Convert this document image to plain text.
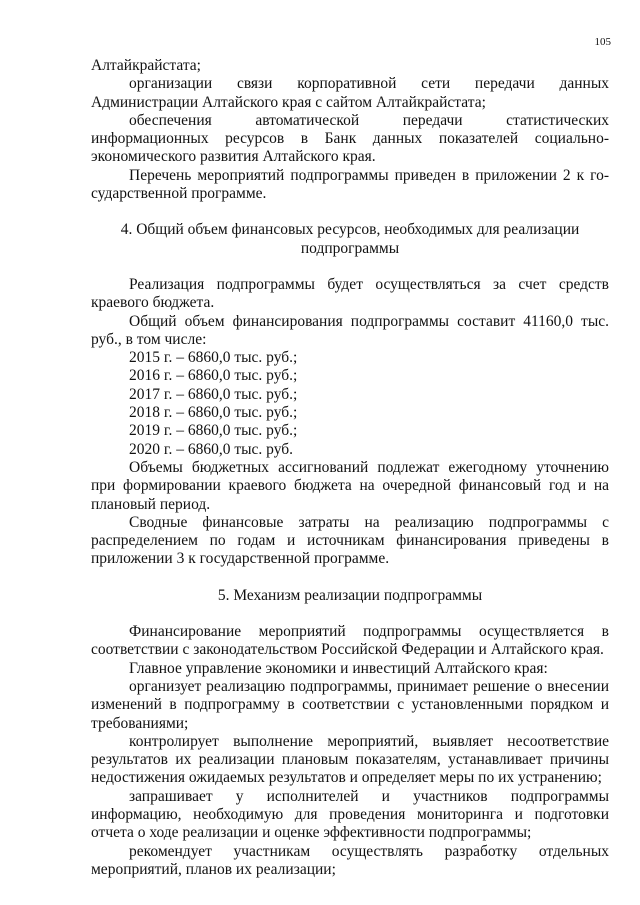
105

Алтайкрайстата;

организации связи корпоративной сети передачи данных

Администрации Алтайского края с сайтом Алтайкрайстата;

обеспечения автоматической передачи статистических

информационных ресурсов в Банк данных показателей социально-

экономического развития Алтайского края.

Перечень мероприятий подпрограммы приведен в приложении 2 к го-

сударственной программе.

4. Общий объем финансовых ресурсов, необходимых для реализации

подпрограммы

Реализация подпрограммы будет осуществляться за счет средств

краевого бюджета.

Общий объем финансирования подпрограммы составит 41160,0 тыс.

руб., в том числе:

2015 г. – 6860,0 тыс. руб.;

2016 г. – 6860,0 тыс. руб.;

2017 г. – 6860,0 тыс. руб.;

2018 г. – 6860,0 тыс. руб.;

2019 г. – 6860,0 тыс. руб.;

2020 г. – 6860,0 тыс. руб.

Объемы бюджетных ассигнований подлежат ежегодному уточнению

при формировании краевого бюджета на очередной финансовый год и на

плановый период.

Сводные финансовые затраты на реализацию подпрограммы с

распределением по годам и источникам финансирования приведены в

приложении 3 к государственной программе.

5. Механизм реализации подпрограммы

Финансирование мероприятий подпрограммы осуществляется в

соответствии с законодательством Российской Федерации и Алтайского края.

Главное управление экономики и инвестиций Алтайского края:

организует реализацию подпрограммы, принимает решение о внесении

изменений в подпрограмму в соответствии с установленными порядком и

требованиями;

контролирует выполнение мероприятий, выявляет несоответствие

результатов их реализации плановым показателям, устанавливает причины

недостижения ожидаемых результатов и определяет меры по их устранению;

запрашивает у исполнителей и участников подпрограммы

информацию, необходимую для проведения мониторинга и подготовки

отчета о ходе реализации и оценке эффективности подпрограммы;

рекомендует участникам осуществлять разработку отдельных

мероприятий, планов их реализации;
